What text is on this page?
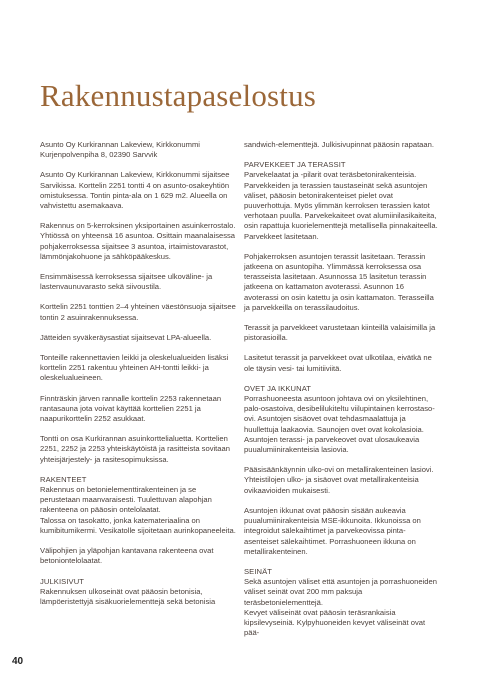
Rakennustapaselostus

Asunto Oy Kurkirannan Lakeview, Kirkkonummi Kurjenpolvenpiha 8, 02390 Sarvvik

Asunto Oy Kurkirannan Lakeview, Kirkkonummi sijaitsee Sarvikissa. Korttelin 2251 tontti 4 on asunto-osakeyhtiön omistuksessa. Tontin pinta-ala on 1 629 m2. Alueella on vahvistettu asemakaava.

Rakennus on 5-kerroksinen yksiportainen asuinkerrostalo. Yhtiössä on yhteensä 16 asuntoa. Osittain maanalaisessa pohjakerroksessa sijaitsee 3 asuntoa, irtaimistovarastot, lämmönjakohuone ja sähköpääkeskus.

Ensimmäisessä kerroksessa sijaitsee ulkoväline- ja lastenvaunuvarasto sekä siivoustila.

Korttelin 2251 tonttien 2–4 yhteinen väestönsuoja sijaitsee tontin 2 asuinrakennuksessa.

Jätteiden syväkeräysastiat sijaitsevat LPA-alueella.

Tonteille rakennettavien leikki ja oleskelualueiden lisäksi korttelin 2251 rakentuu yhteinen AH-tontti leikki- ja oleskelualueineen.

Finnträskin järven rannalle korttelin 2253 rakennetaan rantasauna jota voivat käyttää korttelien 2251 ja naapurikorttelin 2252 asukkaat.

Tontti on osa Kurkirannan asuinkorttelialuetta. Korttelien 2251, 2252 ja 2253 yhteiskäytöistä ja rasitteista sovitaan yhteisjärjestely- ja rasitesopimuksissa.

RAKENTEET

Rakennus on betonielementtirakenteinen ja se perustetaan maanvaraisesti. Tuulettuvan alapohjan rakenteena on pääosin ontelolaatat.
Talossa on tasokatto, jonka katemateriaalina on kumibitumikermi. Vesikatolle sijoitetaan aurinkopaneeleita.

Välipohjien ja yläpohjan kantavana rakenteena ovat betoniontelolaatat.

JULKISIVUT

Rakennuksen ulkoseinät ovat pääosin betonisia, lämpöeristettyjä sisäkuorielementtejä sekä betonisia

sandwich-elementtejä. Julkisivupinnat pääosin rapataan.

PARVEKKEET JA TERASSIT

Parvekelaatat ja -pilarit ovat teräsbetonirakenteisia. Parvekkeiden ja terassien taustaseinät sekä asuntojen väliset, pääosin betonirakenteiset pielet ovat puuverhottuja. Myös ylimmän kerroksen terassien katot verhotaan puulla. Parvekekaiteet ovat alumiinilasikaiteita, osin rapattuja kuorielementtejä metallisella pinnakaiteella. Parvekkeet lasitetaan.

Pohjakerroksen asuntojen terassit lasitetaan. Terassin jatkeena on asuntopiha. Ylimmässä kerroksessa osa terasseista lasitetaan. Asunnossa 15 lasitetun terassin jatkeena on kattamaton avoterassi. Asunnon 16 avoterassi on osin katettu ja osin kattamaton. Terasseilla ja parvekkeilla on terassilaudoitus.

Terassit ja parvekkeet varustetaan kiinteillä valaisimilla ja pistorasioilla.

Lasitetut terassit ja parvekkeet ovat ulkotilaa, eivätkä ne ole täysin vesi- tai lumitiiviitä.

OVET JA IKKUNAT

Porrashuoneesta asuntoon johtava ovi on yksilehtinen, palo-osastoiva, desibelilukiteltu viilupintainen kerrostaso-ovi. Asuntojen sisäovet ovat tehdasmaalattuja ja huullettuja laakaovia. Saunojen ovet ovat kokolasioia. Asuntojen terassi- ja parvekeovet ovat ulosaukeavia puualumiinirakenteisia lasiovia.

Pääsisäänkäynnin ulko-ovi on metallirakenteinen lasiovi. Yhteistilojen ulko- ja sisäovet ovat metallirakenteisia ovikaavioiden mukaisesti.

Asuntojen ikkunat ovat pääosin sisään aukeavia puualumiinirakenteisia MSE-ikkunoita. Ikkunoissa on integroidut sälekaihtimet ja parvekeovissa pinta-asenteiset sälekaihtimet. Porrashuoneen ikkuna on metallirakenteinen.

SEINÄT

Sekä asuntojen väliset että asuntojen ja porrashuoneiden väliset seinät ovat 200 mm paksuja teräsbetonielementtejä.
Kevyet väliseinät ovat pääosin teräsrankaisia kipsilevyseiniä. Kylpyhuoneiden kevyet väliseinät ovat pää-

40
